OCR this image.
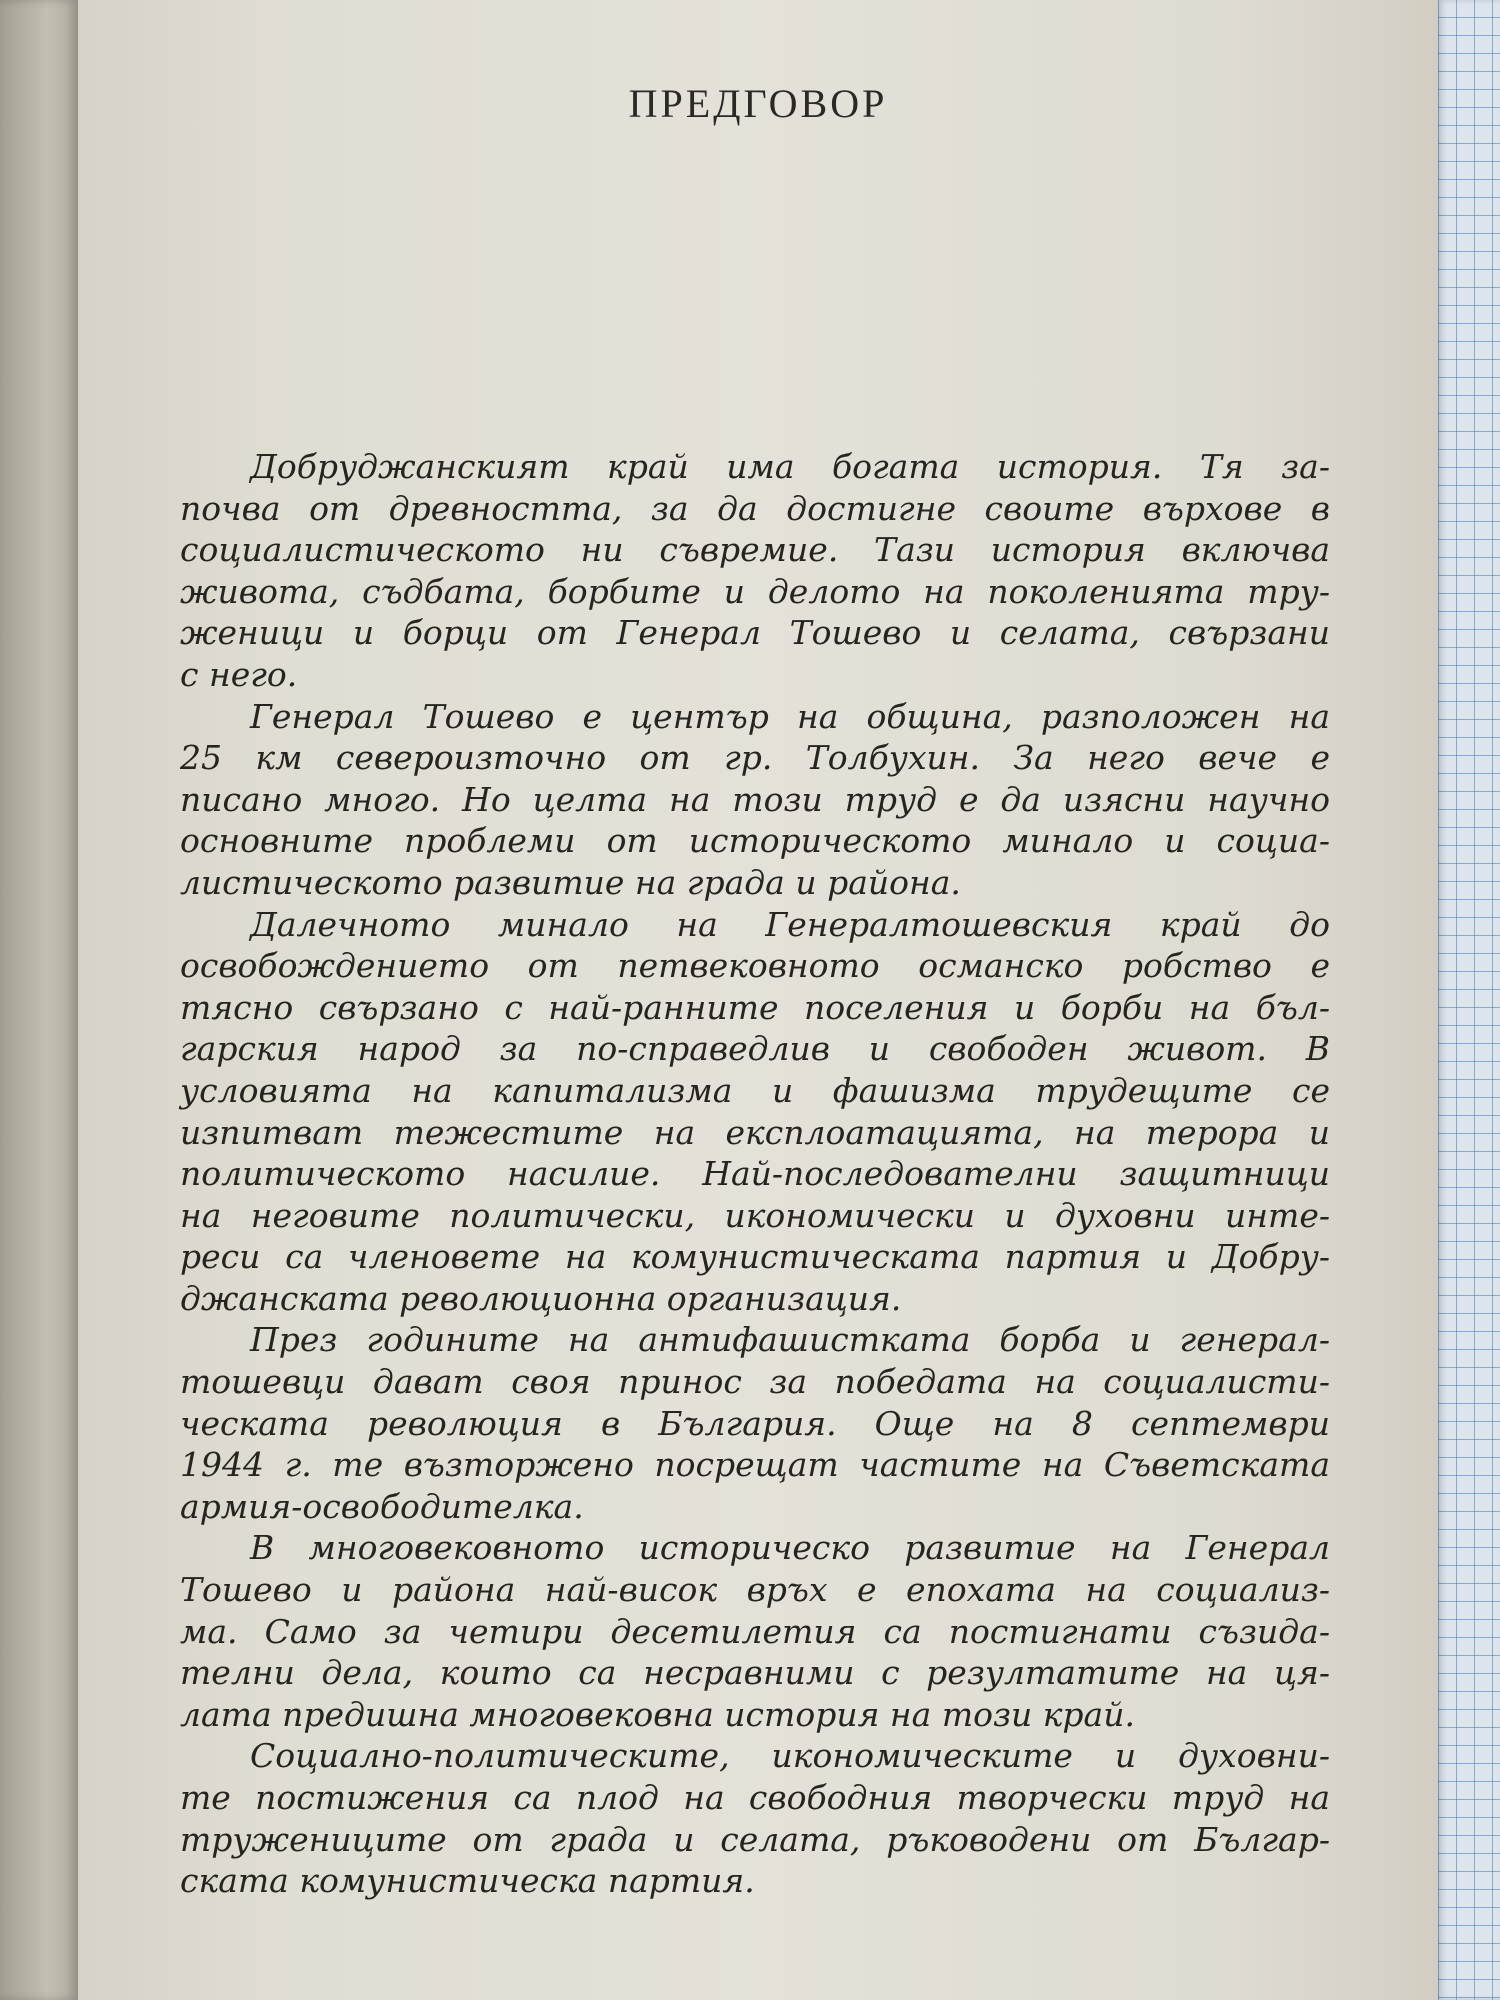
ПРЕДГОВОР
Добруджанският край има богата история. Тя за-
почва от древността, за да достигне своите върхове в
социалистическото ни съвремие. Тази история включва
живота, съдбата, борбите и делото на поколенията тру-
женици и борци от Генерал Тошево и селата, свързани
с него.
Генерал Тошево е център на община, разположен на
25 км североизточно от гр. Толбухин. За него вече е
писано много. Но целта на този труд е да изясни научно
основните проблеми от историческото минало и социа-
листическото развитие на града и района.
Далечното минало на Генералтошевския край до
освобождението от петвековното османско робство е
тясно свързано с най-ранните поселения и борби на бъл-
гарския народ за по-справедлив и свободен живот. В
условията на капитализма и фашизма трудещите се
изпитват тежестите на експлоатацията, на терора и
политическото насилие. Най-последователни защитници
на неговите политически, икономически и духовни инте-
реси са членовете на комунистическата партия и Добру-
джанската революционна организация.
През годините на антифашистката борба и генерал-
тошевци дават своя принос за победата на социалисти-
ческата революция в България. Още на 8 септември
1944 г. те възторжено посрещат частите на Съветската
армия-освободителка.
В многовековното историческо развитие на Генерал
Тошево и района най-висок връх е епохата на социализ-
ма. Само за четири десетилетия са постигнати съзида-
телни дела, които са несравними с резултатите на ця-
лата предишна многовековна история на този край.
Социално-политическите, икономическите и духовни-
те постижения са плод на свободния творчески труд на
тружениците от града и селата, ръководени от Българ-
ската комунистическа партия.
